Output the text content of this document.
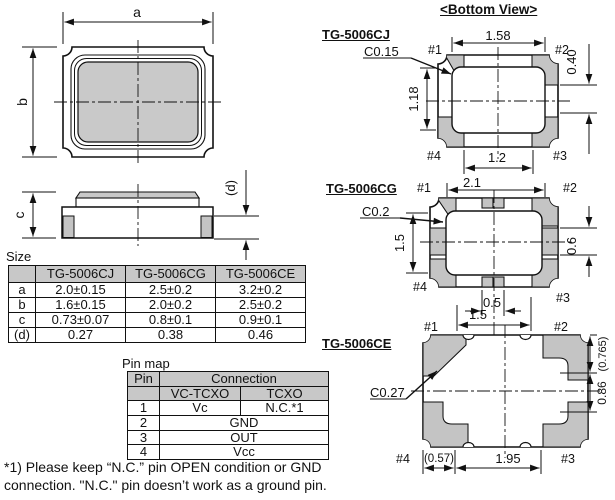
a
b
c
(d)
#1	#2
#4	#3
C0.15
1.58
1.18
0.40
1.2
#1	#2
#4
#3
C0.2
2.1
1.5	0.6
0.5
1.5
#1	#2
#4	#3
C0.27
(0.765)
0.86
(0.57)	1.95
<Bottom View>
TG-5006CJ
TG-5006CG
TG-5006CE
Size
	TG-5006CJ	TG-5006CG	TG-5006CE
a	2.0±0.15	2.5±0.2	3.2±0.2
b	1.6±0.15	2.0±0.2	2.5±0.2
c	0.73±0.07	0.8±0.1	0.9±0.1
(d)	0.27	0.38	0.46
Pin map
Pin	Connection	
	VC-TCXO	TCXO
1	Vc	N.C.*1
2	GND	
3	OUT	
4	Vcc	
*1) Please keep “N.C.” pin OPEN condition or GND
connection. "N.C." pin doesn’t work as a ground pin.
